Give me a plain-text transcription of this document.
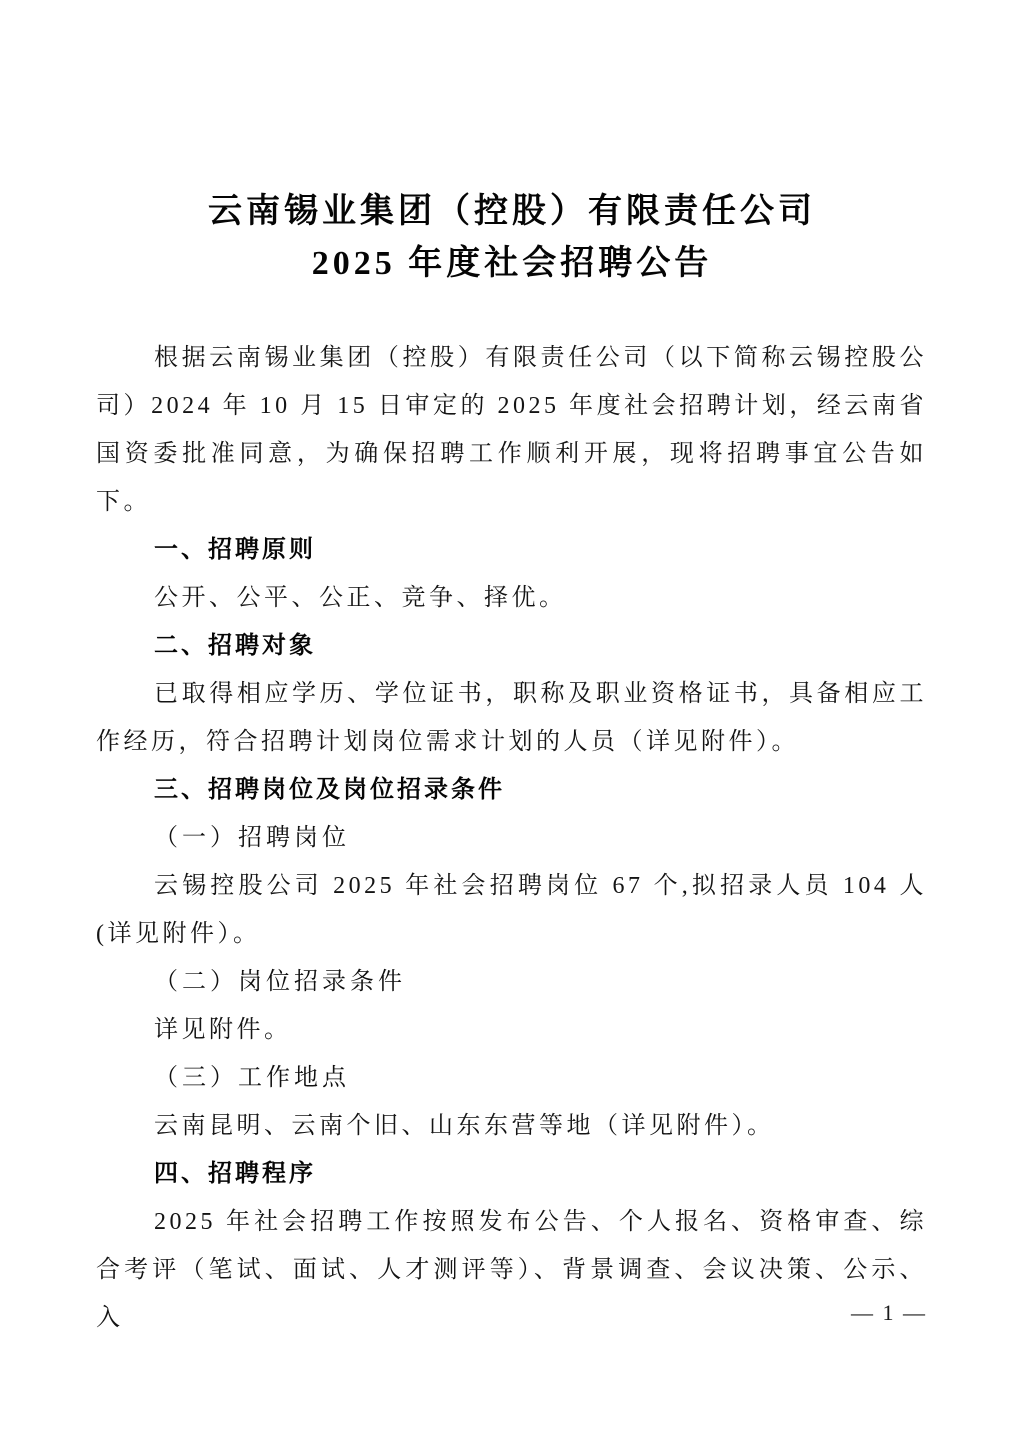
云南锡业集团（控股）有限责任公司
2025 年度社会招聘公告

根据云南锡业集团（控股）有限责任公司（以下简称云锡控股公司）2024 年 10 月 15 日审定的 2025 年度社会招聘计划，经云南省国资委批准同意，为确保招聘工作顺利开展，现将招聘事宜公告如下。

一、招聘原则

公开、公平、公正、竞争、择优。

二、招聘对象

已取得相应学历、学位证书，职称及职业资格证书，具备相应工作经历，符合招聘计划岗位需求计划的人员（详见附件）。

三、招聘岗位及岗位招录条件

（一）招聘岗位

云锡控股公司 2025 年社会招聘岗位 67 个,拟招录人员 104 人(详见附件）。

（二）岗位招录条件

详见附件。

（三）工作地点

云南昆明、云南个旧、山东东营等地（详见附件）。

四、招聘程序

2025 年社会招聘工作按照发布公告、个人报名、资格审查、综合考评（笔试、面试、人才测评等）、背景调查、会议决策、公示、入	— 1 —
